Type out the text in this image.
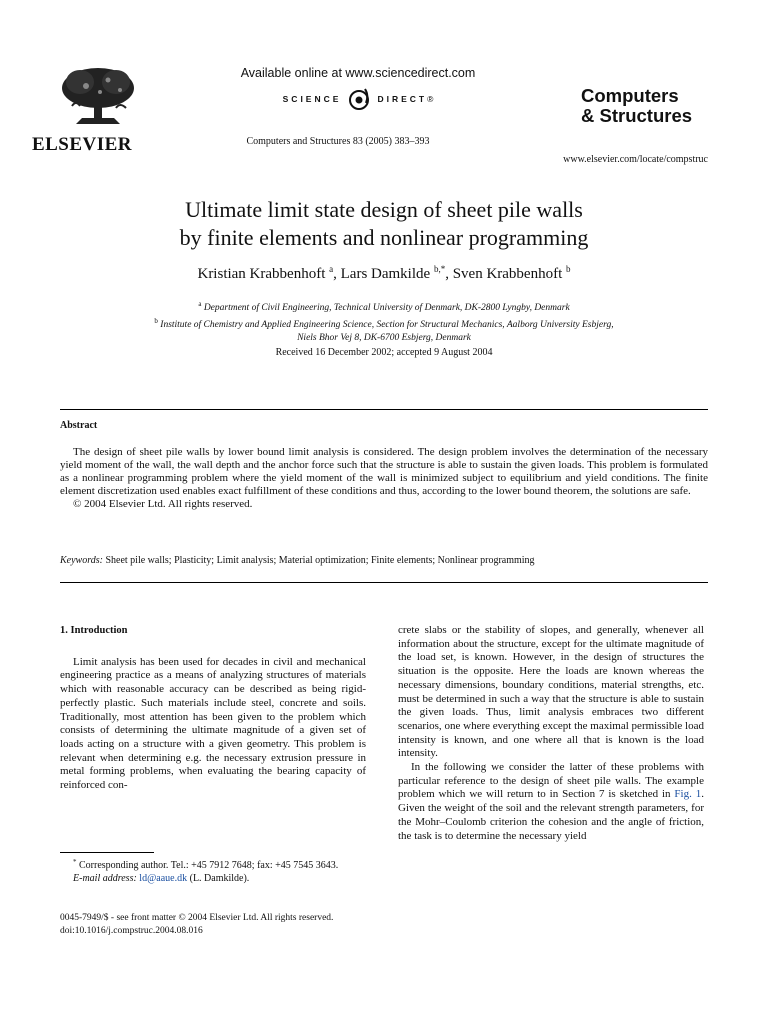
ELSEVIER
Available online at www.sciencedirect.com
SCIENCE	DIRECT ®
Computers and Structures 83 (2005) 383–393
Computers
& Structures
www.elsevier.com/locate/compstruc
Ultimate limit state design of sheet pile walls
by finite elements and nonlinear programming
Kristian Krabbenhoft $^a$, Lars Damkilde $^{b,*}$, Sven Krabbenhoft $^b$
$^a$ Department of Civil Engineering, Technical University of Denmark, DK-2800 Lyngby, Denmark
$^b$ Institute of Chemistry and Applied Engineering Science, Section for Structural Mechanics, Aalborg University Esbjerg,
Niels Bhor Vej 8, DK-6700 Esbjerg, Denmark
Received 16 December 2002; accepted 9 August 2004
Abstract

The design of sheet pile walls by lower bound limit analysis is considered. The design problem involves the determination of the necessary yield moment of the wall, the wall depth and the anchor force such that the structure is able to sustain the given loads. This problem is formulated as a nonlinear programming problem where the yield moment of the wall is minimized subject to equilibrium and yield conditions. The finite element discretization used enables exact fulfillment of these conditions and thus, according to the lower bound theorem, the solutions are safe.

© 2004 Elsevier Ltd. All rights reserved.

Keywords: Sheet pile walls; Plasticity; Limit analysis; Material optimization; Finite elements; Nonlinear programming
1. Introduction

Limit analysis has been used for decades in civil and mechanical engineering practice as a means of analyzing structures of materials which with reasonable accuracy can be described as being rigid-perfectly plastic. Such materials include steel, concrete and soils. Traditionally, most attention has been given to the problem which consists of determining the ultimate magnitude of a given set of loads acting on a structure with a given geometry. This problem is relevant when determining e.g. the necessary extrusion pressure in metal forming problems, when evaluating the bearing capacity of reinforced con-

crete slabs or the stability of slopes, and generally, whenever all information about the structure, except for the ultimate magnitude of the load set, is known. However, in the design of structures the situation is the opposite. Here the loads are known whereas the necessary dimensions, boundary conditions, material strengths, etc. must be determined in such a way that the structure is able to sustain the given loads. Thus, limit analysis embraces two different scenarios, one where everything except the maximal permissible load intensity is known, and one where all that is known is the load intensity.

In the following we consider the latter of these problems with particular reference to the design of sheet pile walls. The example problem which we will return to in Section 7 is sketched in Fig. 1. Given the weight of the soil and the relevant strength parameters, for the Mohr–Coulomb criterion the cohesion and the angle of friction, the task is to determine the necessary yield

* Corresponding author. Tel.: +45 7912 7648; fax: +45 7545 3643.

E-mail address: ld@aaue.dk (L. Damkilde).

0045-7949/$ - see front matter © 2004 Elsevier Ltd. All rights reserved.
doi:10.1016/j.compstruc.2004.08.016
